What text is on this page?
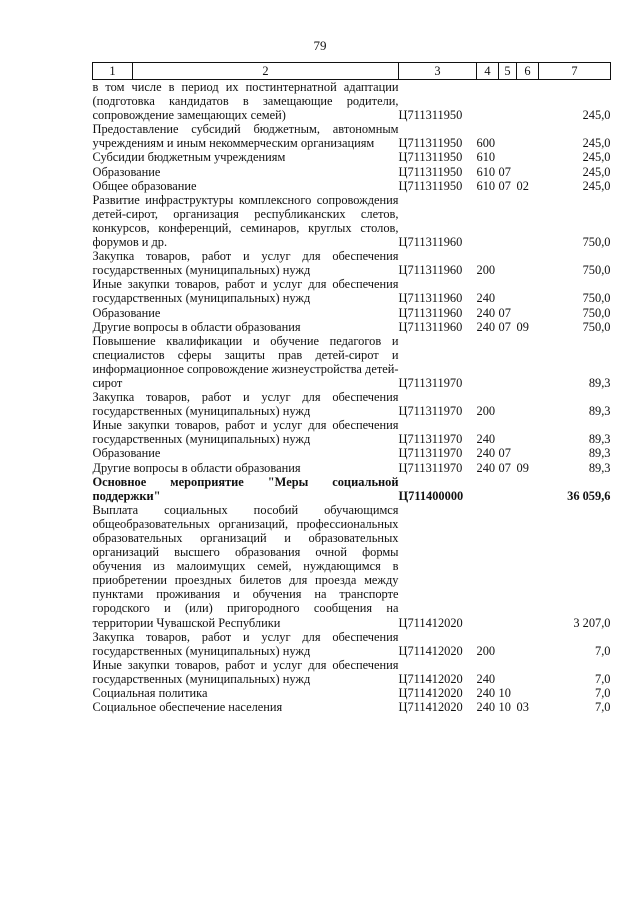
79
1	2	3	4	5	6	7
в том числе в период их постинтернатной адаптации (подготовка кандидатов в замещающие родители, сопровождение замещающих семей)		Ц711311950				245,0
Предоставление субсидий бюджетным, автономным учреждениям и иным некоммерческим организациям		Ц711311950	600			245,0
Субсидии бюджетным учреждениям		Ц711311950	610			245,0
Образование		Ц711311950	610	07		245,0
Общее образование		Ц711311950	610	07	02	245,0
Развитие инфраструктуры комплексного сопровождения детей-сирот, организация республиканских слетов, конкурсов, конференций, семинаров, круглых столов, форумов и др.		Ц711311960				750,0
Закупка товаров, работ и услуг для обеспечения государственных (муниципальных) нужд		Ц711311960	200			750,0
Иные закупки товаров, работ и услуг для обеспечения государственных (муниципальных) нужд		Ц711311960	240			750,0
Образование		Ц711311960	240	07		750,0
Другие вопросы в области образования		Ц711311960	240	07	09	750,0
Повышение квалификации и обучение педагогов и специалистов сферы защиты прав детей-сирот и информационное сопровождение жизнеустройства детей-сирот		Ц711311970				89,3
Закупка товаров, работ и услуг для обеспечения государственных (муниципальных) нужд		Ц711311970	200			89,3
Иные закупки товаров, работ и услуг для обеспечения государственных (муниципальных) нужд		Ц711311970	240			89,3
Образование		Ц711311970	240	07		89,3
Другие вопросы в области образования		Ц711311970	240	07	09	89,3
Основное мероприятие "Меры социальной поддержки"		Ц711400000				36 059,6
Выплата социальных пособий обучающимся общеобразовательных организаций, профессиональных образовательных организаций и образовательных организаций высшего образования очной формы обучения из малоимущих семей, нуждающимся в приобретении проездных билетов для проезда между пунктами проживания и обучения на транспорте городского и (или) пригородного сообщения на территории Чувашской Республики		Ц711412020				3 207,0
Закупка товаров, работ и услуг для обеспечения государственных (муниципальных) нужд		Ц711412020	200			7,0
Иные закупки товаров, работ и услуг для обеспечения государственных (муниципальных) нужд		Ц711412020	240			7,0
Социальная политика		Ц711412020	240	10		7,0
Социальное обеспечение населения		Ц711412020	240	10	03	7,0
